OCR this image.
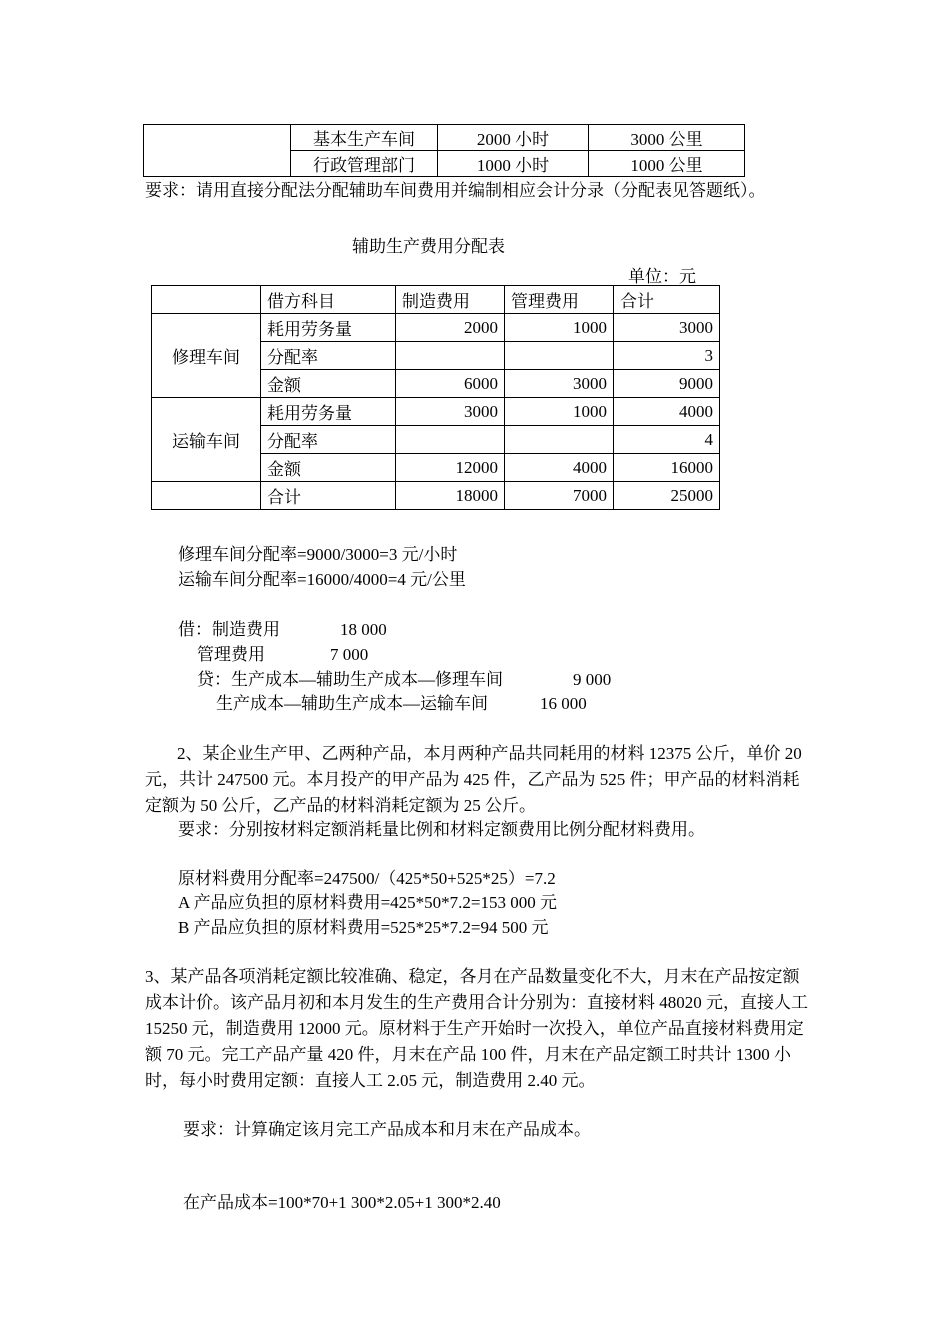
	基本生产车间	2000 小时	3000 公里
	行政管理部门	1000 小时	1000 公里
要求：请用直接分配法分配辅助车间费用并编制相应会计分录（分配表见答题纸）。
辅助生产费用分配表
单位：元
	借方科目	制造费用	管理费用	合计
修理车间	耗用劳务量	2000	1000	3000
	分配率			3
	金额	6000	3000	9000
运输车间	耗用劳务量	3000	1000	4000
	分配率			4
	金额	12000	4000	16000
	合计	18000	7000	25000
修理车间分配率=9000/3000=3 元/小时
运输车间分配率=16000/4000=4 元/公里
借：制造费用	18 000
管理费用	7 000
贷：生产成本—辅助生产成本—修理车间	9 000
生产成本—辅助生产成本—运输车间	16 000
2、某企业生产甲、乙两种产品，本月两种产品共同耗用的材料 12375 公斤，单价 20 元，共计 247500 元。本月投产的甲产品为 425 件，乙产品为 525 件；甲产品的材料消耗定额为 50 公斤，乙产品的材料消耗定额为 25 公斤。
要求：分别按材料定额消耗量比例和材料定额费用比例分配材料费用。
原材料费用分配率=247500/（425*50+525*25）=7.2
A 产品应负担的原材料费用=425*50*7.2=153 000 元
B 产品应负担的原材料费用=525*25*7.2=94 500 元
3、某产品各项消耗定额比较准确、稳定，各月在产品数量变化不大，月末在产品按定额成本计价。该产品月初和本月发生的生产费用合计分别为：直接材料 48020 元，直接人工 15250 元，制造费用 12000 元。原材料于生产开始时一次投入，单位产品直接材料费用定额 70 元。完工产品产量 420 件，月末在产品 100 件，月末在产品定额工时共计 1300 小时，每小时费用定额：直接人工 2.05 元，制造费用 2.40 元。
要求：计算确定该月完工产品成本和月末在产品成本。
在产品成本=100*70+1 300*2.05+1 300*2.40
